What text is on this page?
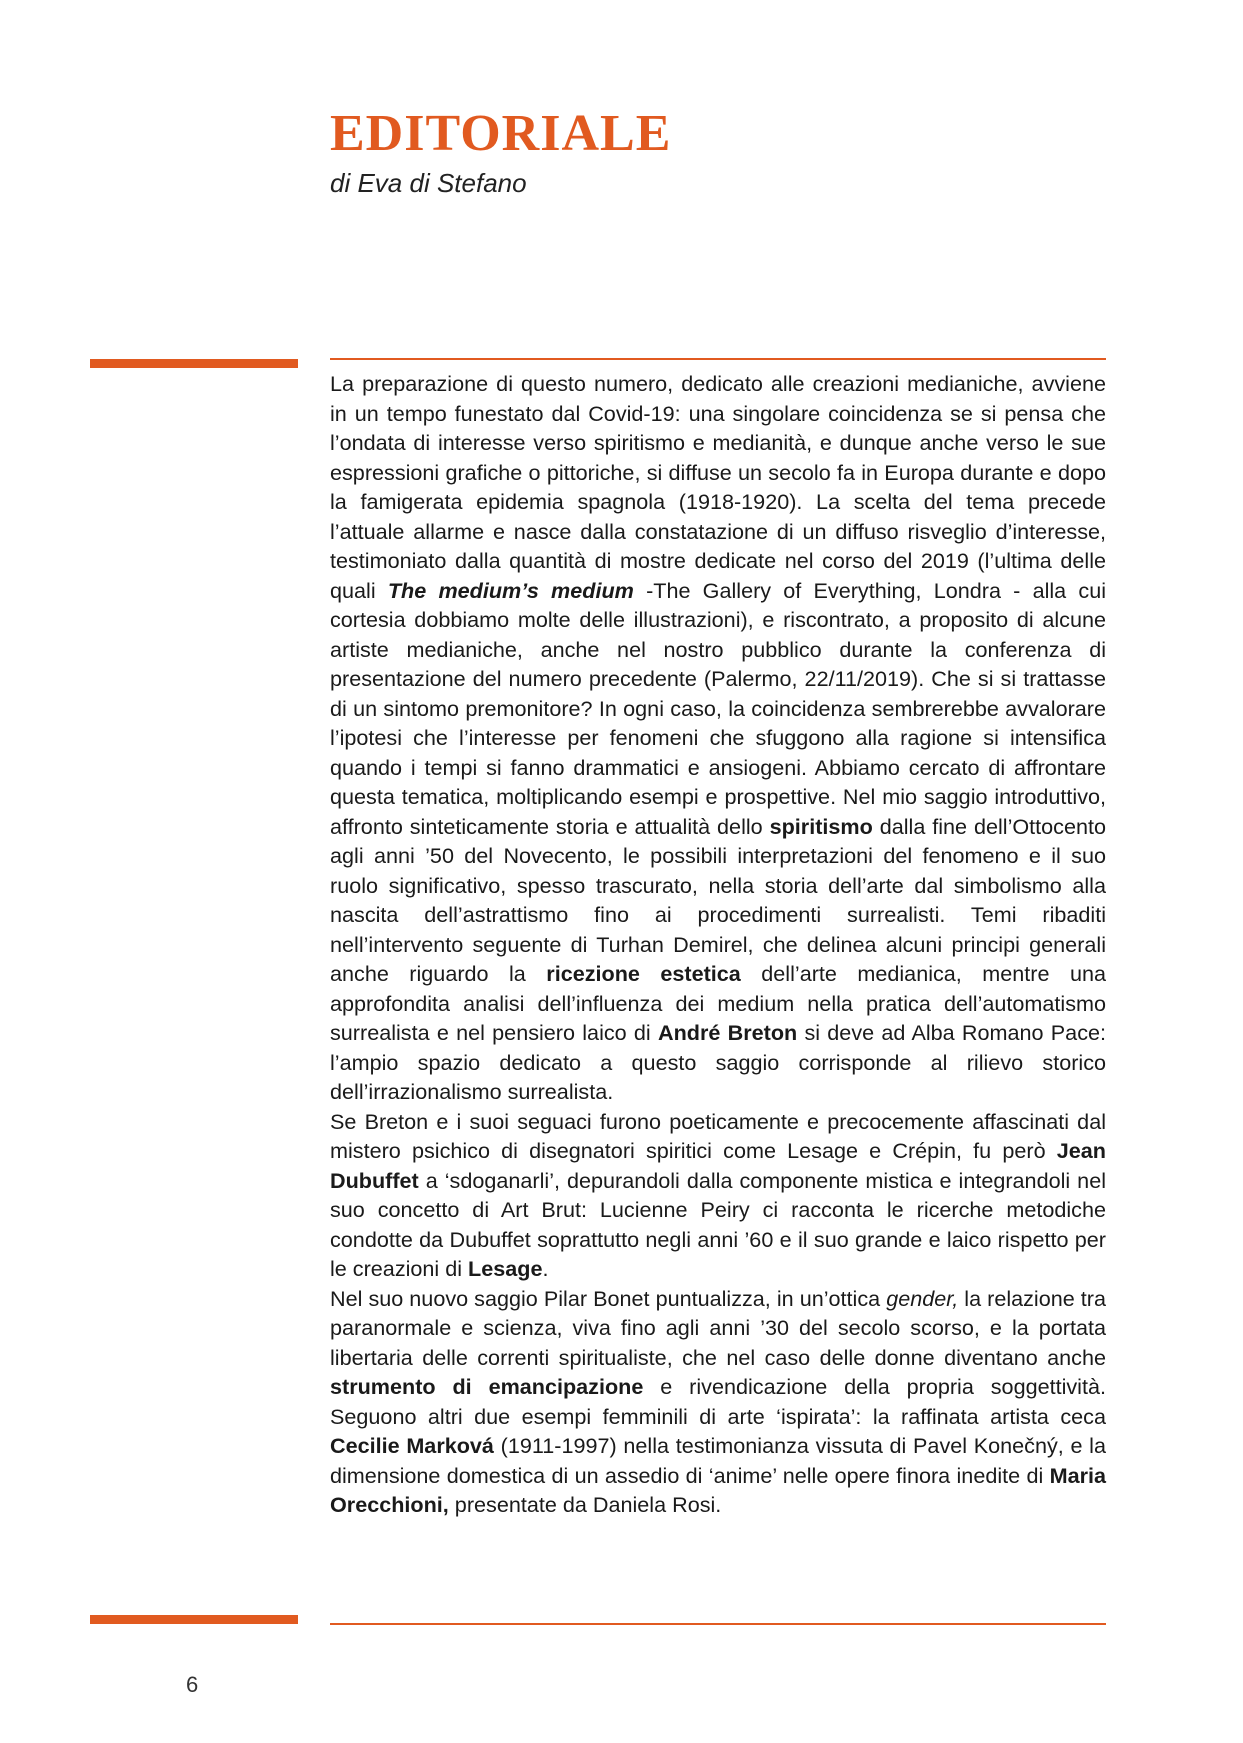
EDITORIALE

di Eva di Stefano

La preparazione di questo numero, dedicato alle creazioni medianiche, avviene in un tempo funestato dal Covid-19: una singolare coincidenza se si pensa che l’ondata di interesse verso spiritismo e medianità, e dunque anche verso le sue espressioni grafiche o pittoriche, si diffuse un secolo fa in Europa durante e dopo la famigerata epidemia spagnola (1918-1920). La scelta del tema precede l’attuale allarme e nasce dalla constatazione di un diffuso risveglio d’interesse, testimoniato dalla quantità di mostre dedicate nel corso del 2019 (l’ultima delle quali The medium’s medium -The Gallery of Everything, Londra - alla cui cortesia dobbiamo molte delle illustrazioni), e riscontrato, a proposito di alcune artiste medianiche, anche nel nostro pubblico durante la conferenza di presentazione del numero precedente (Palermo, 22/11/2019). Che si si trattasse di un sintomo premonitore? In ogni caso, la coincidenza sembrerebbe avvalorare l’ipotesi che l’interesse per fenomeni che sfuggono alla ragione si intensifica quando i tempi si fanno drammatici e ansiogeni. Abbiamo cercato di affrontare questa tematica, moltiplicando esempi e prospettive. Nel mio saggio introduttivo, affronto sinteticamente storia e attualità dello spiritismo dalla fine dell’Ottocento agli anni ’50 del Novecento, le possibili interpretazioni del fenomeno e il suo ruolo significativo, spesso trascurato, nella storia dell’arte dal simbolismo alla nascita dell’astrattismo fino ai procedimenti surrealisti. Temi ribaditi nell’intervento seguente di Turhan Demirel, che delinea alcuni principi generali anche riguardo la ricezione estetica dell’arte medianica, mentre una approfondita analisi dell’influenza dei medium nella pratica dell’automatismo surrealista e nel pensiero laico di André Breton si deve ad Alba Romano Pace: l’ampio spazio dedicato a questo saggio corrisponde al rilievo storico dell’irrazionalismo surrealista.

Se Breton e i suoi seguaci furono poeticamente e precocemente affascinati dal mistero psichico di disegnatori spiritici come Lesage e Crépin, fu però Jean Dubuffet a ‘sdoganarli’, depurandoli dalla componente mistica e integrandoli nel suo concetto di Art Brut: Lucienne Peiry ci racconta le ricerche metodiche condotte da Dubuffet soprattutto negli anni ’60 e il suo grande e laico rispetto per le creazioni di Lesage.

Nel suo nuovo saggio Pilar Bonet puntualizza, in un’ottica gender, la relazione tra paranormale e scienza, viva fino agli anni ’30 del secolo scorso, e la portata libertaria delle correnti spiritualiste, che nel caso delle donne diventano anche strumento di emancipazione e rivendicazione della propria soggettività. Seguono altri due esempi femminili di arte ‘ispirata’: la raffinata artista ceca Cecilie Marková (1911-1997) nella testimonianza vissuta di Pavel Konečný, e la dimensione domestica di un assedio di ‘anime’ nelle opere finora inedite di Maria Orecchioni, presentate da Daniela Rosi.

6
